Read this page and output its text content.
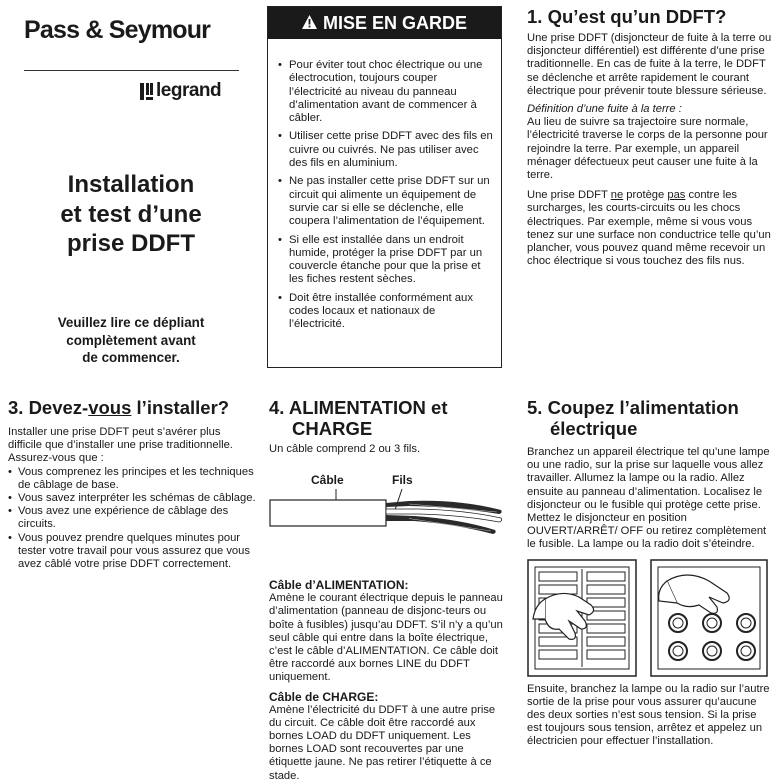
Pass & Seymour

legrand
Installation
et test d’une
prise DDFT

Veuillez lire ce dépliant
complètement avant
de commencer.

MISE EN GARDE
• Pour éviter tout choc électrique ou une électrocution, toujours couper l’électricité au niveau du panneau d’alimentation avant de commencer à câbler.
• Utiliser cette prise DDFT avec des fils en cuivre ou cuivrés. Ne pas utiliser avec des fils en aluminium.
• Ne pas installer cette prise DDFT sur un circuit qui alimente un équipement de survie car si elle se déclenche, elle coupera l’alimentation de l’équipement.
• Si elle est installée dans un endroit humide, protéger la prise DDFT par un couvercle étanche pour que la prise et les fiches restent sèches.
• Doit être installée conformément aux codes locaux et nationaux de l’électricité.
1. Qu’est qu’un DDFT?

Une prise DDFT (disjoncteur de fuite à la terre ou disjoncteur différentiel) est différente d’une prise traditionnelle. En cas de fuite à la terre, le DDFT se déclenche et arrête rapidement le courant électrique pour prévenir toute blessure sérieuse.

Définition d’une fuite à la terre :

Au lieu de suivre sa trajectoire sure normale, l’électricité traverse le corps de la personne pour rejoindre la terre. Par exemple, un appareil ménager défectueux peut causer une fuite à la terre.

Une prise DDFT ne protège pas contre les surcharges, les courts-circuits ou les chocs électriques. Par exemple, même si vous vous tenez sur une surface non conductrice telle qu’un plancher, vous pouvez quand même recevoir un choc électrique si vous touchez des fils nus.

3. Devez-vous l’installer?

Installer une prise DDFT peut s’avérer plus difficile que d’installer une prise traditionnelle.

Assurez-vous que :

• Vous comprenez les principes et les techniques de câblage de base.
• Vous savez interpréter les schémas de câblage.
• Vous avez une expérience de câblage des circuits.
• Vous pouvez prendre quelques minutes pour tester votre travail pour vous assurez que vous avez câblé votre prise DDFT correctement.
4. ALIMENTATION et
CHARGE

Un câble comprend 2 ou 3 fils.

Câble	Fils

Câble d’ALIMENTATION:

Amène le courant électrique depuis le panneau d’alimentation (panneau de disjonc-teurs ou boîte à fusibles) jusqu’au DDFT. S’il n’y a qu’un seul câble qui entre dans la boîte électrique, c’est le câble d’ALIMENTATION. Ce câble doit être raccordé aux bornes LINE du DDFT uniquement.

Câble de CHARGE:

Amène l’électricité du DDFT à une autre prise du circuit. Ce câble doit être raccordé aux bornes LOAD du DDFT uniquement. Les bornes LOAD sont recouvertes par une étiquette jaune. Ne pas retirer l’étiquette à ce stade.

5. Coupez l’alimentation
électrique

Branchez un appareil électrique tel qu’une lampe ou une radio, sur la prise sur laquelle vous allez travailler. Allumez la lampe ou la radio. Allez ensuite au panneau d’alimentation. Localisez le disjoncteur ou le fusible qui protège cette prise. Mettez le disjoncteur en position OUVERT/ARRÊT/ OFF ou retirez complètement le fusible. La lampe ou la radio doit s’éteindre.

Ensuite, branchez la lampe ou la radio sur l’autre sortie de la prise pour vous assurer qu’aucune des deux sorties n’est sous tension. Si la prise est toujours sous tension, arrêtez et appelez un électricien pour effectuer l’installation.
